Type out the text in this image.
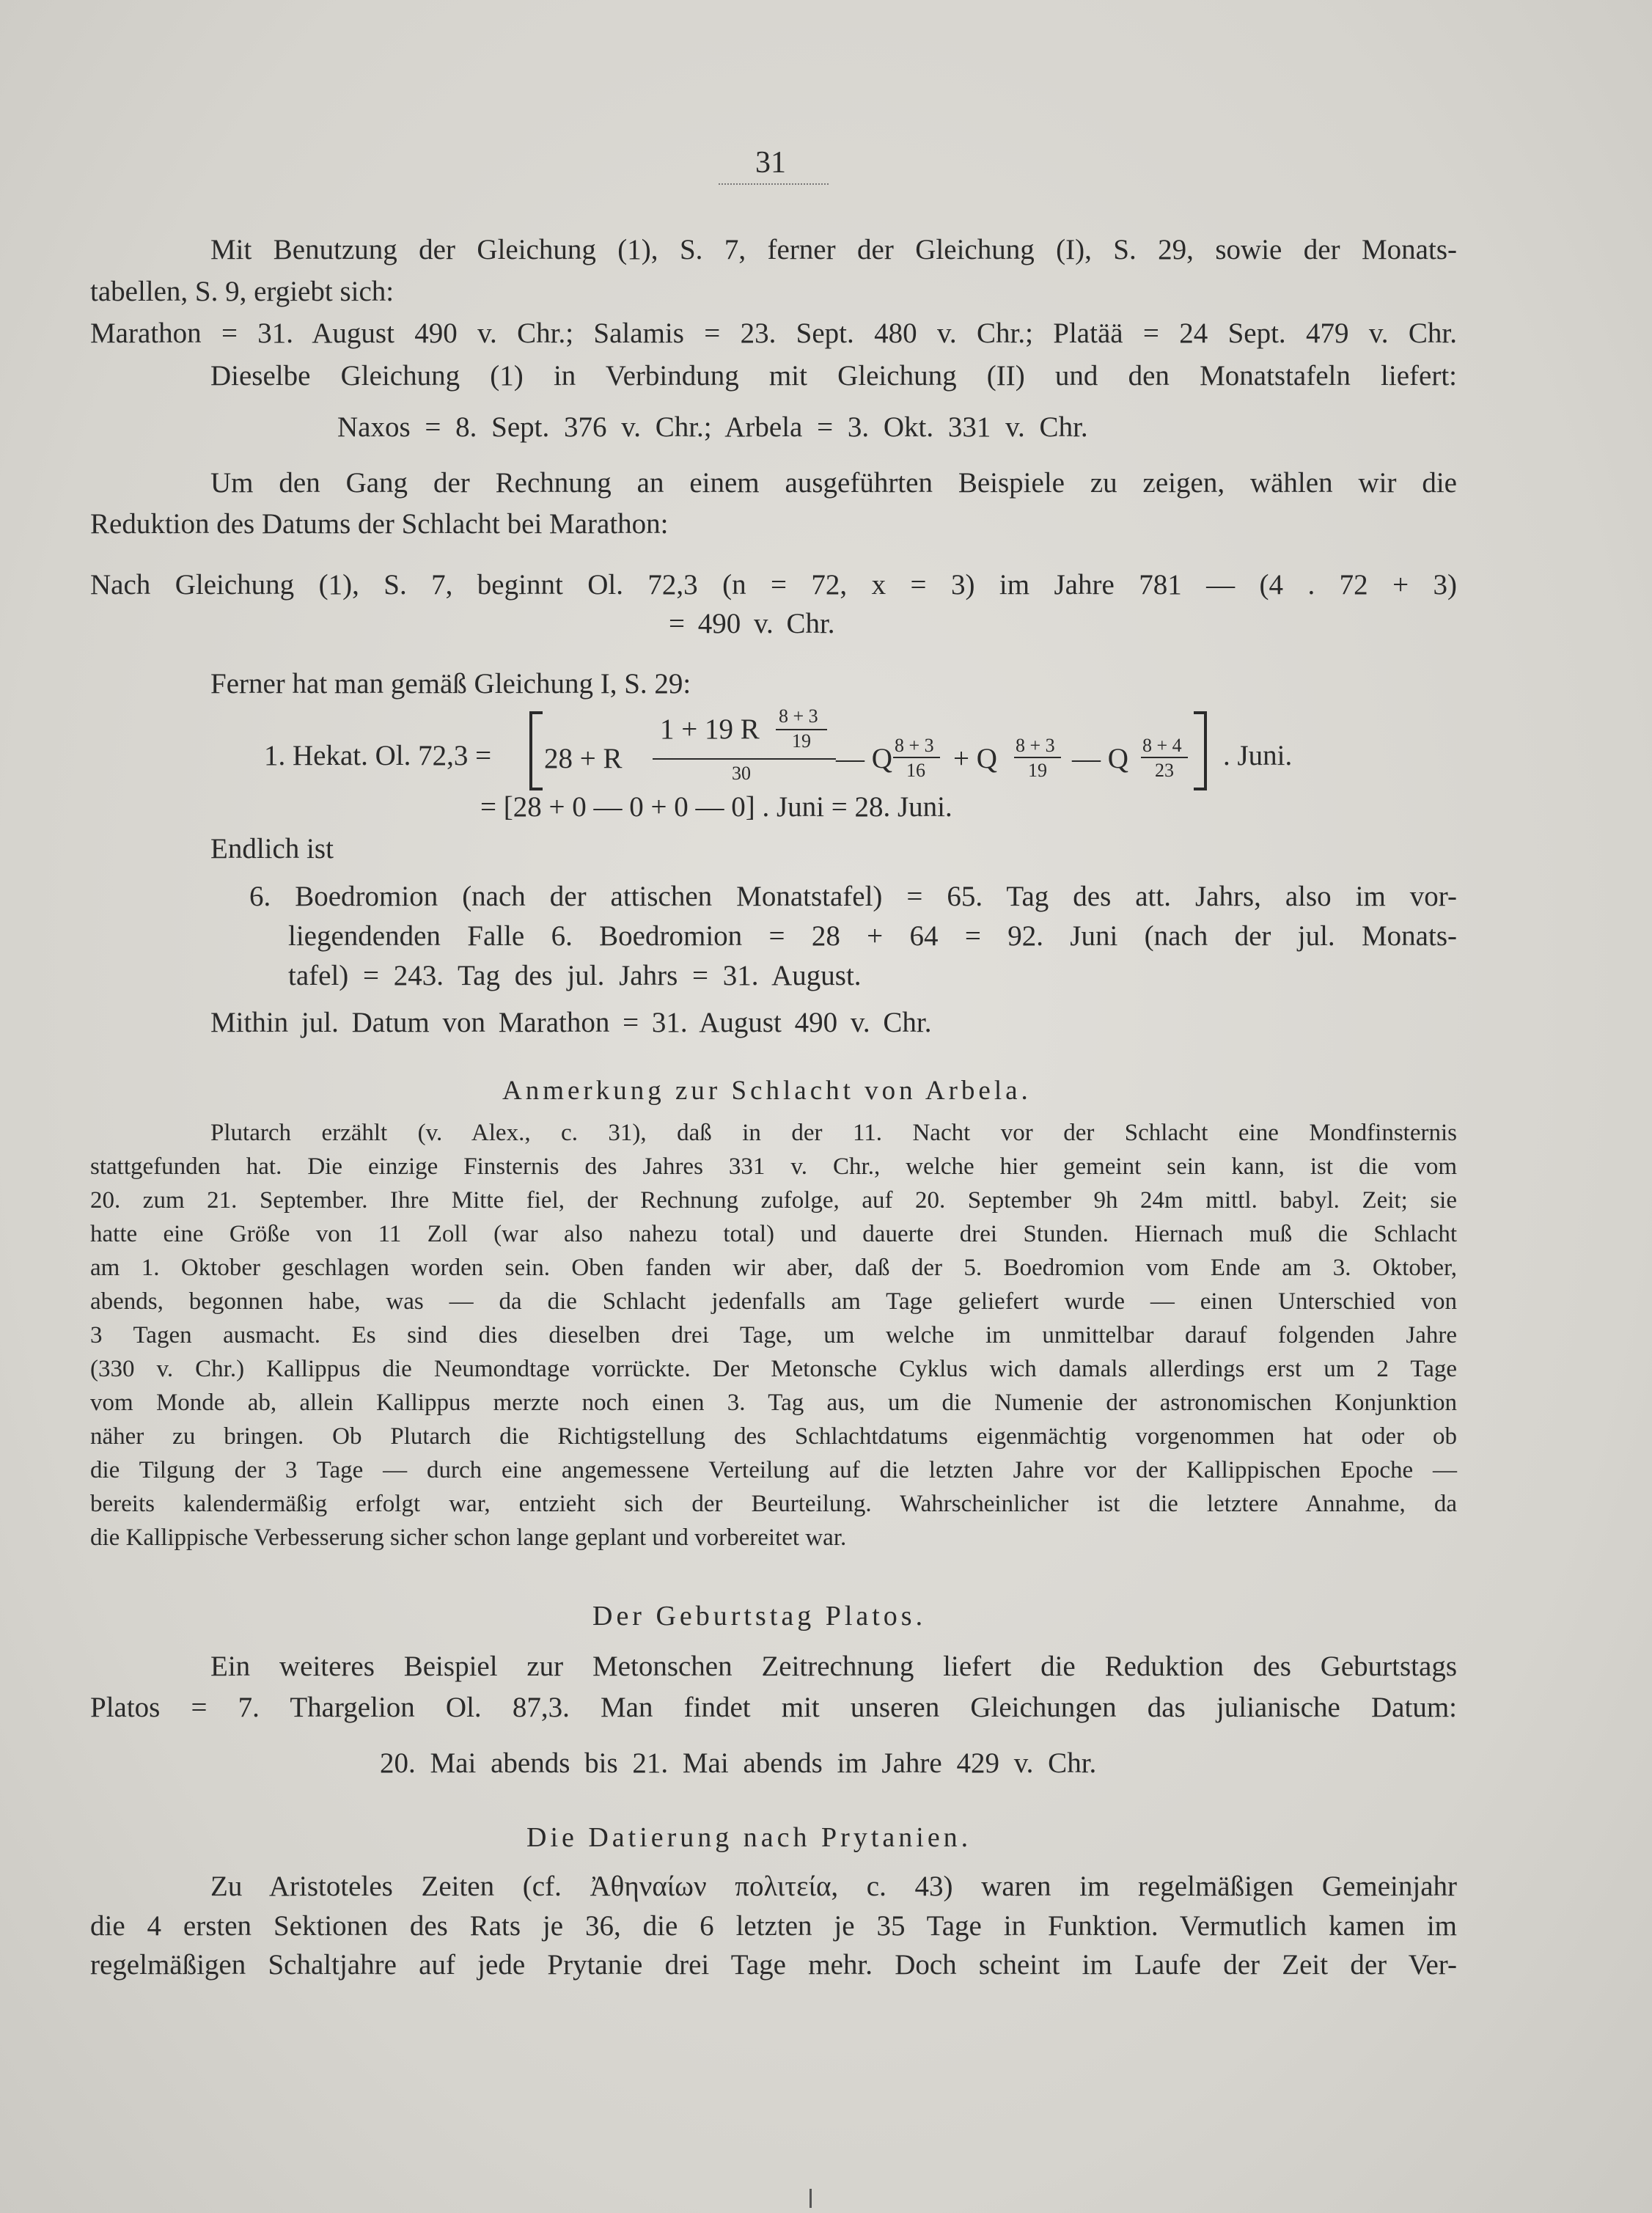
31
Mit Benutzung der Gleichung (1), S. 7, ferner der Gleichung (I), S. 29, sowie der Monats-
tabellen, S. 9, ergiebt sich:
Marathon = 31. August 490 v. Chr.; Salamis = 23. Sept. 480 v. Chr.; Platää = 24 Sept. 479 v. Chr.
Dieselbe Gleichung (1) in Verbindung mit Gleichung (II) und den Monatstafeln liefert:
Naxos = 8. Sept. 376 v. Chr.; Arbela = 3. Okt. 331 v. Chr.
Um den Gang der Rechnung an einem ausgeführten Beispiele zu zeigen, wählen wir die
Reduktion des Datums der Schlacht bei Marathon:
Nach Gleichung (1), S. 7, beginnt Ol. 72,3 (n = 72, x = 3) im Jahre 781 — (4 . 72 + 3)
= 490 v. Chr.
Ferner hat man gemäß Gleichung I, S. 29:
1. Hekat. Ol. 72,3 = 28 + R
1 + 19 R 8 + 3
19
30	— Q 8 + 3
16 + Q 8 + 3
19 — Q 8 + 4
23 . Juni.
= [28 + 0 — 0 + 0 — 0] . Juni = 28. Juni.
Endlich ist
6. Boedromion (nach der attischen Monatstafel) = 65. Tag des att. Jahrs, also im vor-
liegendenden Falle 6. Boedromion = 28 + 64 = 92. Juni (nach der jul. Monats-
tafel) = 243. Tag des jul. Jahrs = 31. August.
Mithin jul. Datum von Marathon = 31. August 490 v. Chr.
Anmerkung zur Schlacht von Arbela.
Plutarch erzählt (v. Alex., c. 31), daß in der 11. Nacht vor der Schlacht eine Mondfinsternis
stattgefunden hat. Die einzige Finsternis des Jahres 331 v. Chr., welche hier gemeint sein kann, ist die vom
20. zum 21. September. Ihre Mitte fiel, der Rechnung zufolge, auf 20. September 9h 24m mittl. babyl. Zeit; sie
hatte eine Größe von 11 Zoll (war also nahezu total) und dauerte drei Stunden. Hiernach muß die Schlacht
am 1. Oktober geschlagen worden sein. Oben fanden wir aber, daß der 5. Boedromion vom Ende am 3. Oktober,
abends, begonnen habe, was — da die Schlacht jedenfalls am Tage geliefert wurde — einen Unterschied von
3 Tagen ausmacht. Es sind dies dieselben drei Tage, um welche im unmittelbar darauf folgenden Jahre
(330 v. Chr.) Kallippus die Neumondtage vorrückte. Der Metonsche Cyklus wich damals allerdings erst um 2 Tage
vom Monde ab, allein Kallippus merzte noch einen 3. Tag aus, um die Numenie der astronomischen Konjunktion
näher zu bringen. Ob Plutarch die Richtigstellung des Schlachtdatums eigenmächtig vorgenommen hat oder ob
die Tilgung der 3 Tage — durch eine angemessene Verteilung auf die letzten Jahre vor der Kallippischen Epoche —
bereits kalendermäßig erfolgt war, entzieht sich der Beurteilung. Wahrscheinlicher ist die letztere Annahme, da
die Kallippische Verbesserung sicher schon lange geplant und vorbereitet war.
Der Geburtstag Platos.
Ein weiteres Beispiel zur Metonschen Zeitrechnung liefert die Reduktion des Geburtstags
Platos = 7. Thargelion Ol. 87,3. Man findet mit unseren Gleichungen das julianische Datum:
20. Mai abends bis 21. Mai abends im Jahre 429 v. Chr.
Die Datierung nach Prytanien.
Zu Aristoteles Zeiten (cf. Ἀθηναίων πολιτεία, c. 43) waren im regelmäßigen Gemeinjahr
die 4 ersten Sektionen des Rats je 36, die 6 letzten je 35 Tage in Funktion. Vermutlich kamen im
regelmäßigen Schaltjahre auf jede Prytanie drei Tage mehr. Doch scheint im Laufe der Zeit der Ver-
